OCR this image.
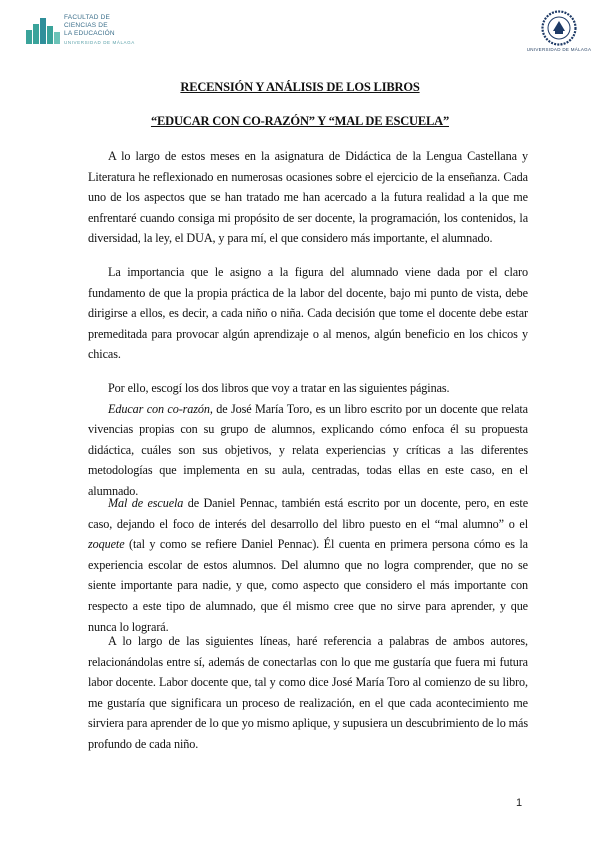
FACULTAD DE
CIENCIAS DE
LA EDUCACIÓN
UNIVERSIDAD DE MÁLAGA
UNIVERSIDAD DE MÁLAGA
RECENSIÓN Y ANÁLISIS DE LOS LIBROS
“EDUCAR CON CO-RAZÓN” Y “MAL DE ESCUELA”
A lo largo de estos meses en la asignatura de Didáctica de la Lengua Castellana y Literatura he reflexionado en numerosas ocasiones sobre el ejercicio de la enseñanza. Cada uno de los aspectos que se han tratado me han acercado a la futura realidad a la que me enfrentaré cuando consiga mi propósito de ser docente, la programación, los contenidos, la diversidad, la ley, el DUA, y para mí, el que considero más importante, el alumnado.
La importancia que le asigno a la figura del alumnado viene dada por el claro fundamento de que la propia práctica de la labor del docente, bajo mi punto de vista, debe dirigirse a ellos, es decir, a cada niño o niña. Cada decisión que tome el docente debe estar premeditada para provocar algún aprendizaje o al menos, algún beneficio en los chicos y chicas.
Por ello, escogí los dos libros que voy a tratar en las siguientes páginas.
Educar con co-razón, de José María Toro, es un libro escrito por un docente que relata vivencias propias con su grupo de alumnos, explicando cómo enfoca él su propuesta didáctica, cuáles son sus objetivos, y relata experiencias y críticas a las diferentes metodologías que implementa en su aula, centradas, todas ellas en este caso, en el alumnado.
Mal de escuela de Daniel Pennac, también está escrito por un docente, pero, en este caso, dejando el foco de interés del desarrollo del libro puesto en el “mal alumno” o el zoquete (tal y como se refiere Daniel Pennac). Él cuenta en primera persona cómo es la experiencia escolar de estos alumnos. Del alumno que no logra comprender, que no se siente importante para nadie, y que, como aspecto que considero el más importante con respecto a este tipo de alumnado, que él mismo cree que no sirve para aprender, y que nunca lo logrará.
A lo largo de las siguientes líneas, haré referencia a palabras de ambos autores, relacionándolas entre sí, además de conectarlas con lo que me gustaría que fuera mi futura labor docente. Labor docente que, tal y como dice José María Toro al comienzo de su libro, me gustaría que significara un proceso de realización, en el que cada acontecimiento me sirviera para aprender de lo que yo mismo aplique, y supusiera un descubrimiento de lo más profundo de cada niño.
1
